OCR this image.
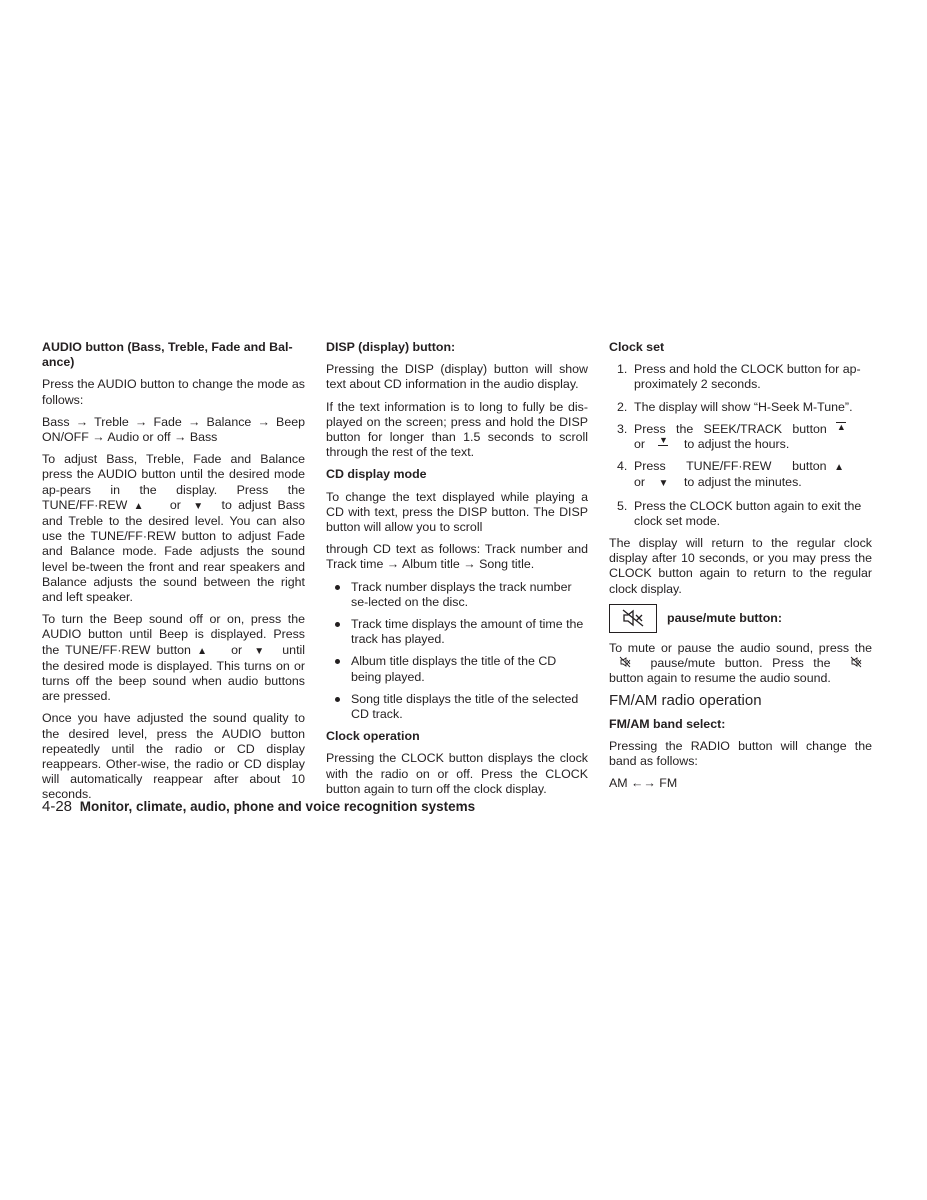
AUDIO button (Bass, Treble, Fade and Bal-ance)
Press the AUDIO button to change the mode as follows:
Bass → Treble → Fade → Balance → Beep ON/OFF → Audio or off → Bass
To adjust Bass, Treble, Fade and Balance press the AUDIO button until the desired mode ap-pears in the display. Press the TUNE/FF·REW ▲ or ▼ to adjust Bass and Treble to the desired level. You can also use the TUNE/FF·REW button to adjust Fade and Balance mode. Fade adjusts the sound level be-tween the front and rear speakers and Balance adjusts the sound between the right and left speaker.
To turn the Beep sound off or on, press the AUDIO button until Beep is displayed. Press the TUNE/FF·REW button ▲ or ▼ until the desired mode is displayed. This turns on or turns off the beep sound when audio buttons are pressed.
Once you have adjusted the sound quality to the desired level, press the AUDIO button repeatedly until the radio or CD display reappears. Other-wise, the radio or CD display will automatically reappear after about 10 seconds.
DISP (display) button:
Pressing the DISP (display) button will show text about CD information in the audio display.
If the text information is to long to fully be dis-played on the screen; press and hold the DISP button for longer than 1.5 seconds to scroll through the rest of the text.
CD display mode
To change the text displayed while playing a CD with text, press the DISP button. The DISP button will allow you to scroll
through CD text as follows: Track number and Track time → Album title → Song title.
Track number displays the track number se-lected on the disc.
Track time displays the amount of time the track has played.
Album title displays the title of the CD being played.
Song title displays the title of the selected CD track.
Clock operation
Pressing the CLOCK button displays the clock with the radio on or off. Press the CLOCK button again to turn off the clock display.
Clock set
1. Press and hold the CLOCK button for ap-proximately 2 seconds.
2. The display will show “H-Seek M-Tune”.
3. Press   the   SEEK/TRACK   button ▲
or ▼ to adjust the hours.
4. Press      TUNE/FF·REW      button ▲
or ▼ to adjust the minutes.
5. Press the CLOCK button again to exit the clock set mode.
The display will return to the regular clock display after 10 seconds, or you may press the CLOCK button again to return to the regular clock display.
pause/mute button:
To mute or pause the audio sound, press the  pause/mute button. Press the  button again to resume the audio sound.
FM/AM radio operation
FM/AM band select:
Pressing the RADIO button will change the band as follows:
AM ←→ FM
4-28 Monitor, climate, audio, phone and voice recognition systems
